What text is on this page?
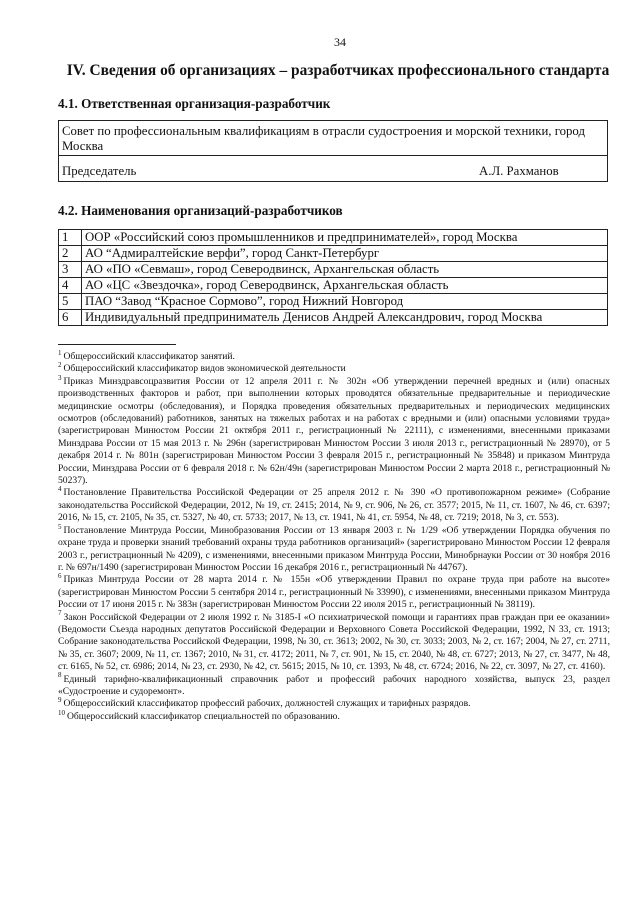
34
IV. Сведения об организациях – разработчиках профессионального стандарта
4.1. Ответственная организация-разработчик
Совет по профессиональным квалификациям в отрасли судостроения и морской техники, город Москва
Председатель	А.Л. Рахманов
4.2. Наименования организаций-разработчиков
1	ООР «Российский союз промышленников и предпринимателей», город Москва
2	АО “Адмиралтейские верфи”, город Санкт-Петербург
3	АО «ПО «Севмаш», город Северодвинск, Архангельская область
4	АО «ЦС «Звездочка», город Северодвинск, Архангельская область
5	ПАО “Завод “Красное Сормово”, город Нижний Новгород
6	Индивидуальный предприниматель Денисов Андрей Александрович, город Москва

$^1$ Общероссийский классификатор занятий.

$^2$ Общероссийский классификатор видов экономической деятельности

$^3$ Приказ Минздравсоцразвития России от 12 апреля 2011 г. № 302н «Об утверждении перечней вредных и (или) опасных производственных факторов и работ, при выполнении которых проводятся обязательные предварительные и периодические медицинские осмотры (обследования), и Порядка проведения обязательных предварительных и периодических медицинских осмотров (обследований) работников, занятых на тяжелых работах и на работах с вредными и (или) опасными условиями труда» (зарегистрирован Минюстом России 21 октября 2011 г., регистрационный № 22111), с изменениями, внесенными приказами Минздрава России от 15 мая 2013 г. № 296н (зарегистрирован Минюстом России 3 июля 2013 г., регистрационный № 28970), от 5 декабря 2014 г. № 801н (зарегистрирован Минюстом России 3 февраля 2015 г., регистрационный № 35848) и приказом Минтруда России, Минздрава России от 6 февраля 2018 г. № 62н/49н (зарегистрирован Минюстом России 2 марта 2018 г., регистрационный № 50237).

$^4$ Постановление Правительства Российской Федерации от 25 апреля 2012 г. № 390 «О противопожарном режиме» (Собрание законодательства Российской Федерации, 2012, № 19, ст. 2415; 2014, № 9, ст. 906, № 26, ст. 3577; 2015, № 11, ст. 1607, № 46, ст. 6397; 2016, № 15, ст. 2105, № 35, ст. 5327, № 40, ст. 5733; 2017, № 13, ст. 1941, № 41, ст. 5954, № 48, ст. 7219; 2018, № 3, ст. 553).

$^5$ Постановление Минтруда России, Минобразования России от 13 января 2003 г. № 1/29 «Об утверждении Порядка обучения по охране труда и проверки знаний требований охраны труда работников организаций» (зарегистрировано Минюстом России 12 февраля 2003 г., регистрационный № 4209), с изменениями, внесенными приказом Минтруда России, Минобрнауки России от 30 ноября 2016 г. № 697н/1490 (зарегистрирован Минюстом России 16 декабря 2016 г., регистрационный № 44767).

$^6$ Приказ Минтруда России от 28 марта 2014 г. № 155н «Об утверждении Правил по охране труда при работе на высоте» (зарегистрирован Минюстом России 5 сентября 2014 г., регистрационный № 33990), с изменениями, внесенными приказом Минтруда России от 17 июня 2015 г. № 383н (зарегистрирован Минюстом России 22 июля 2015 г., регистрационный № 38119).

$^7$ Закон Российской Федерации от 2 июля 1992 г. № 3185-I «О психиатрической помощи и гарантиях прав граждан при ее оказании» (Ведомости Съезда народных депутатов Российской Федерации и Верховного Совета Российской Федерации, 1992, N 33, ст. 1913; Собрание законодательства Российской Федерации, 1998, № 30, ст. 3613; 2002, № 30, ст. 3033; 2003, № 2, ст. 167; 2004, № 27, ст. 2711, № 35, ст. 3607; 2009, № 11, ст. 1367; 2010, № 31, ст. 4172; 2011, № 7, ст. 901, № 15, ст. 2040, № 48, ст. 6727; 2013, № 27, ст. 3477, № 48, ст. 6165, № 52, ст. 6986; 2014, № 23, ст. 2930, № 42, ст. 5615; 2015, № 10, ст. 1393, № 48, ст. 6724; 2016, № 22, ст. 3097, № 27, ст. 4160).

$^8$ Единый тарифно-квалификационный справочник работ и профессий рабочих народного хозяйства, выпуск 23, раздел «Судостроение и судоремонт».

$^9$ Общероссийский классификатор профессий рабочих, должностей служащих и тарифных разрядов.

$^{10}$ Общероссийский классификатор специальностей по образованию.
